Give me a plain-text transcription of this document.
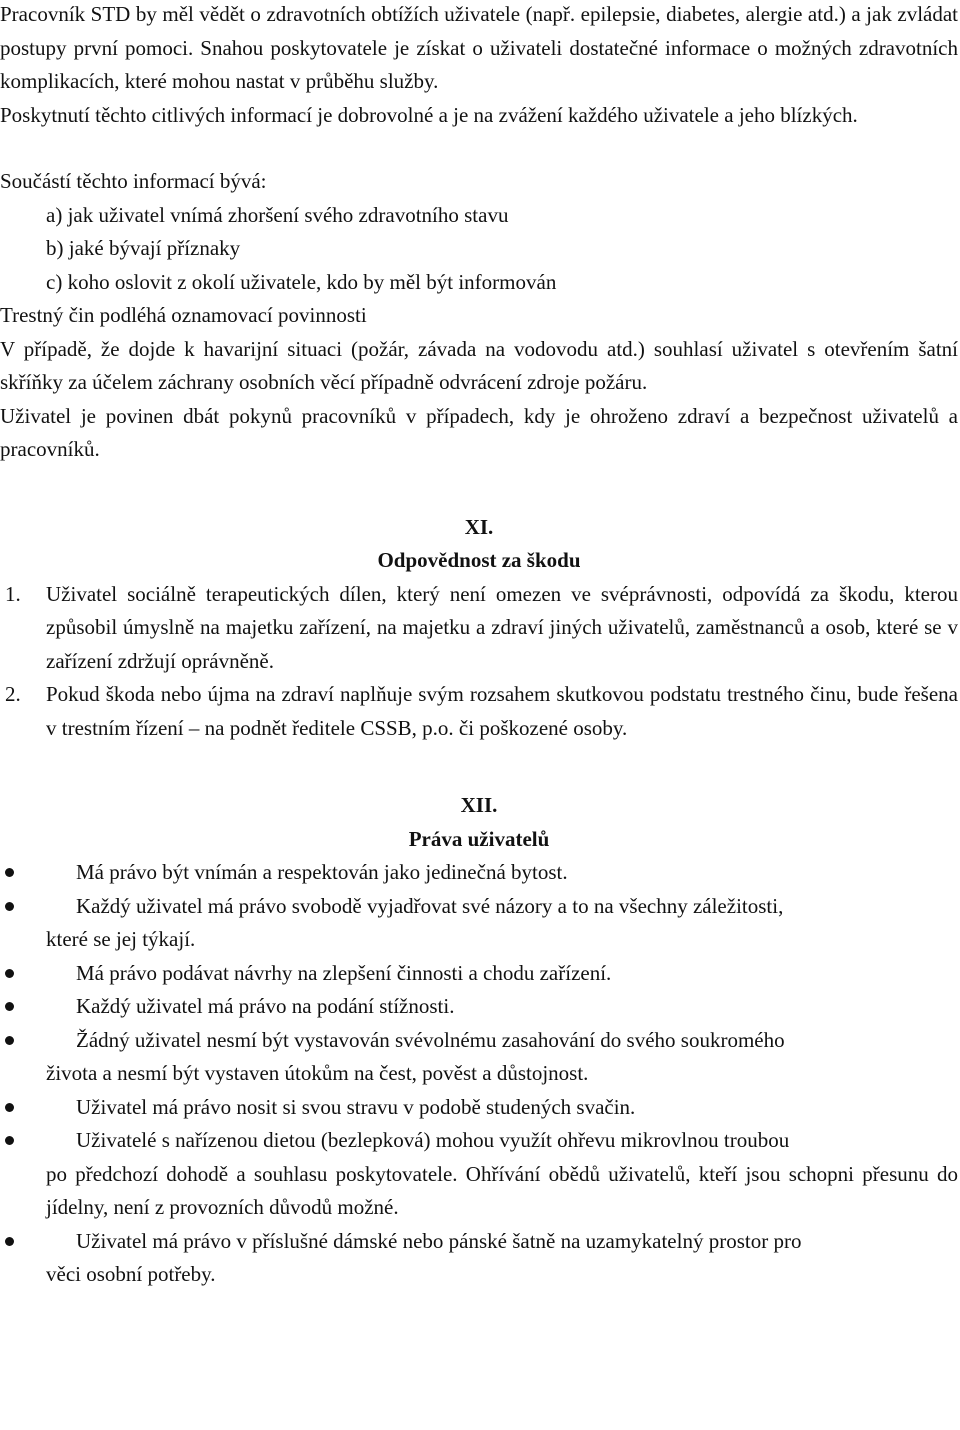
Pracovník STD by měl vědět o zdravotních obtížích uživatele (např. epilepsie, diabetes, alergie atd.) a jak zvládat postupy první pomoci. Snahou poskytovatele je získat o uživateli dostatečné informace o možných zdravotních komplikacích, které mohou nastat v průběhu služby.

Poskytnutí těchto citlivých informací je dobrovolné a je na zvážení každého uživatele a jeho blízkých.

Součástí těchto informací bývá:

a) jak uživatel vnímá zhoršení svého zdravotního stavu
b) jaké bývají příznaky
c) koho oslovit z okolí uživatele, kdo by měl být informován

Trestný čin podléhá oznamovací povinnosti

V případě, že dojde k havarijní situaci (požár, závada na vodovodu atd.) souhlasí uživatel s otevřením šatní skříňky za účelem záchrany osobních věcí případně odvrácení zdroje požáru.

Uživatel je povinen dbát pokynů pracovníků v případech, kdy je ohroženo zdraví a bezpečnost uživatelů a pracovníků.

XI.

Odpovědnost za škodu

1. Uživatel sociálně terapeutických dílen, který není omezen ve svéprávnosti, odpovídá za škodu, kterou způsobil úmyslně na majetku zařízení, na majetku a zdraví jiných uživatelů, zaměstnanců a osob, které se v zařízení zdržují oprávněně.
2. Pokud škoda nebo újma na zdraví naplňuje svým rozsahem skutkovou podstatu trestného činu, bude řešena v trestním řízení – na podnět ředitele CSSB, p.o. či poškozené osoby.

XII.

Práva uživatelů

Má právo být vnímán a respektován jako jedinečná bytost.
Každý uživatel má právo svobodě vyjadřovat své názory a to na všechny záležitosti,
které se jej týkají.
Má právo podávat návrhy na zlepšení činnosti a chodu zařízení.
Každý uživatel má právo na podání stížnosti.
Žádný uživatel nesmí být vystavován svévolnému zasahování do svého soukromého
života a nesmí být vystaven útokům na čest, pověst a důstojnost.
Uživatel má právo nosit si svou stravu v podobě studených svačin.
Uživatelé s nařízenou dietou (bezlepková) mohou využít ohřevu mikrovlnou troubou
po předchozí dohodě a souhlasu poskytovatele. Ohřívání obědů uživatelů, kteří jsou schopni přesunu do jídelny, není z provozních důvodů možné.
Uživatel má právo v příslušné dámské nebo pánské šatně na uzamykatelný prostor pro
věci osobní potřeby.
